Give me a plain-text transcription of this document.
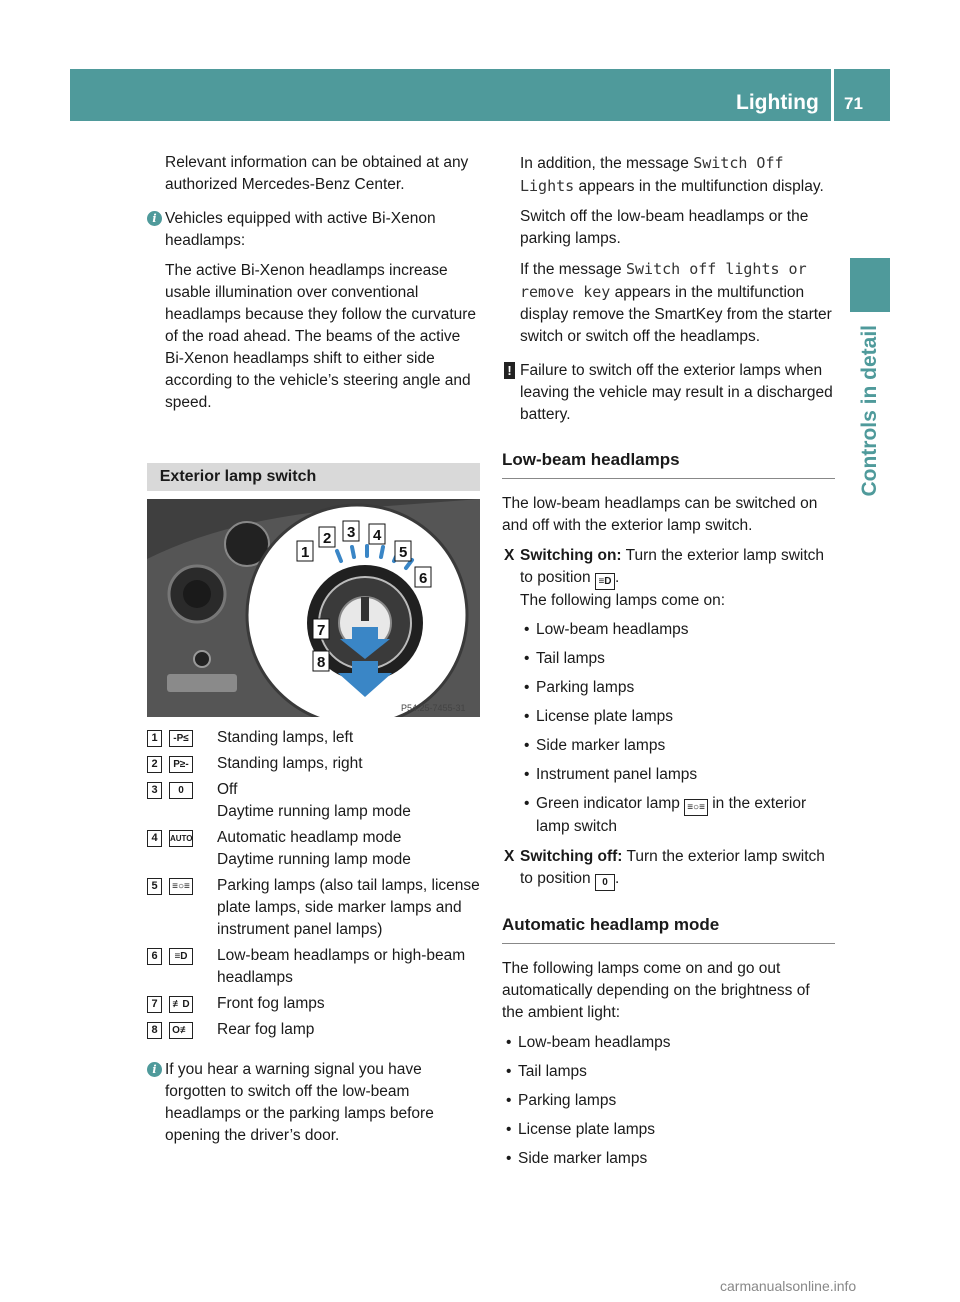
Lighting 71
Controls in detail

Relevant information can be obtained at any authorized Mercedes-Benz Center.

i Vehicles equipped with active Bi-Xenon headlamps:

The active Bi-Xenon headlamps increase usable illumination over conventional headlamps because they follow the curvature of the road ahead. The beams of the active Bi-Xenon headlamps shift to either side according to the vehicle’s steering angle and speed.

Exterior lamp switch
1
2 3 4
5
6
7
8
P54.25-7455-31
1	-P≤ Standing lamps, left

2	P≥- Standing lamps, right

3	0	Off

Daytime running lamp mode

4	AUTO Automatic headlamp mode

Daytime running lamp mode

5	≡○≡ Parking lamps (also tail lamps, license plate lamps, side marker lamps and instrument panel lamps)

6	≡D	Low-beam headlamps or high-beam headlamps

7	≢D Front fog lamps

8	O≢ Rear fog lamp

i If you hear a warning signal you have forgotten to switch off the low-beam headlamps or the parking lamps before opening the driver’s door.

In addition, the message Switch Off Lights appears in the multifunction display.

Switch off the low-beam headlamps or the parking lamps.

If the message Switch off lights or remove key appears in the multifunction display remove the SmartKey from the starter switch or switch off the headlamps.

! Failure to switch off the exterior lamps when leaving the vehicle may result in a discharged battery.

Low-beam headlamps

The low-beam headlamps can be switched on and off with the exterior lamp switch.

X Switching on: Turn the exterior lamp switch to position ≡D .

The following lamps come on:

• Low-beam headlamps
• Tail lamps
• Parking lamps
• License plate lamps
• Side marker lamps
• Instrument panel lamps
• Green indicator lamp ≡○≡ in the exterior lamp switch
X Switching off: Turn the exterior lamp switch to position 0 .

Automatic headlamp mode

The following lamps come on and go out automatically depending on the brightness of the ambient light:

• Low-beam headlamps
• Tail lamps
• Parking lamps
• License plate lamps
• Side marker lamps
carmanualsonline.info
